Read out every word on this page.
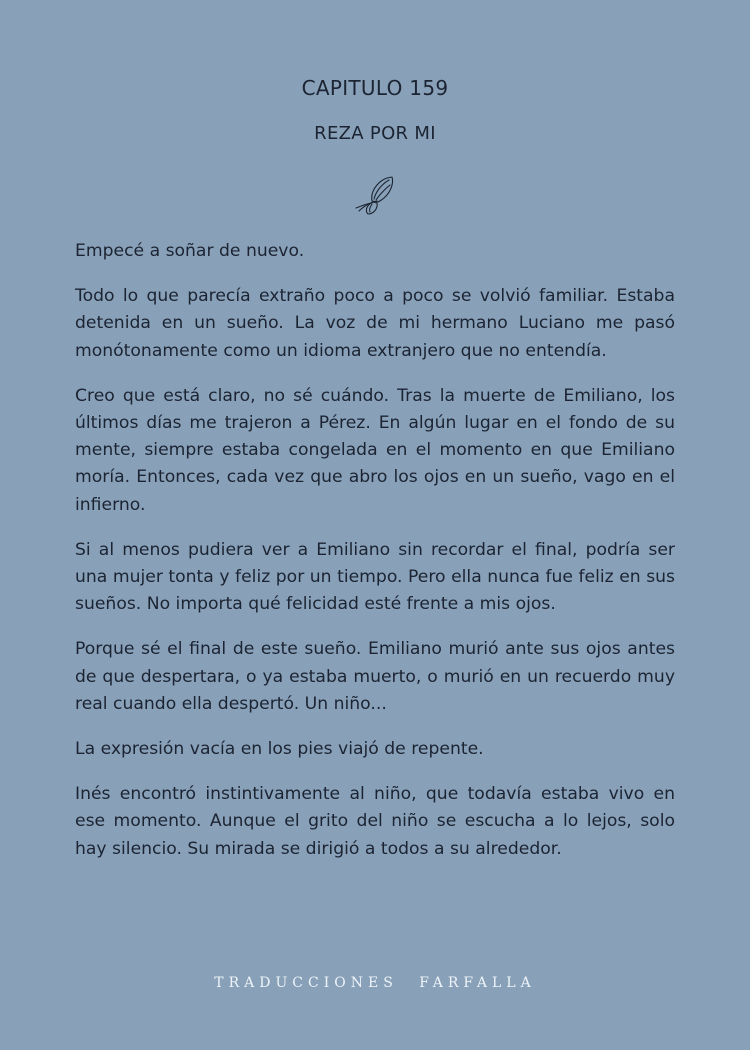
CAPITULO 159
REZA POR MI

Empecé a soñar de nuevo.

Todo lo que parecía extraño poco a poco se volvió familiar. Estaba detenida en un sueño. La voz de mi hermano Luciano me pasó monótonamente como un idioma extranjero que no entendía.

Creo que está claro, no sé cuándo. Tras la muerte de Emiliano, los últimos días me trajeron a Pérez. En algún lugar en el fondo de su mente, siempre estaba congelada en el momento en que Emiliano moría. Entonces, cada vez que abro los ojos en un sueño, vago en el infierno.

Si al menos pudiera ver a Emiliano sin recordar el final, podría ser una mujer tonta y feliz por un tiempo. Pero ella nunca fue feliz en sus sueños. No importa qué felicidad esté frente a mis ojos.

Porque sé el final de este sueño. Emiliano murió ante sus ojos antes de que despertara, o ya estaba muerto, o murió en un recuerdo muy real cuando ella despertó. Un niño...

La expresión vacía en los pies viajó de repente.

Inés encontró instintivamente al niño, que todavía estaba vivo en ese momento. Aunque el grito del niño se escucha a lo lejos, solo hay silencio. Su mirada se dirigió a todos a su alrededor.

TRADUCCIONES FARFALLA
